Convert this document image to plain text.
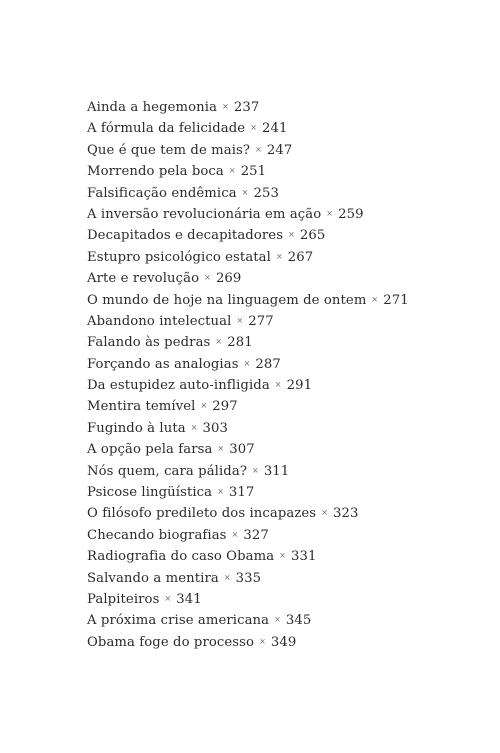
Ainda a hegemonia × 237
A fórmula da felicidade × 241
Que é que tem de mais? × 247
Morrendo pela boca × 251
Falsificação endêmica × 253
A inversão revolucionária em ação × 259
Decapitados e decapitadores × 265
Estupro psicológico estatal × 267
Arte e revolução × 269
O mundo de hoje na linguagem de ontem × 271
Abandono intelectual × 277
Falando às pedras × 281
Forçando as analogias × 287
Da estupidez auto-infligida × 291
Mentira temível × 297
Fugindo à luta × 303
A opção pela farsa × 307
Nós quem, cara pálida? × 311
Psicose lingüística × 317
O filósofo predileto dos incapazes × 323
Checando biografias × 327
Radiografia do caso Obama × 331
Salvando a mentira × 335
Palpiteiros × 341
A próxima crise americana × 345
Obama foge do processo × 349
